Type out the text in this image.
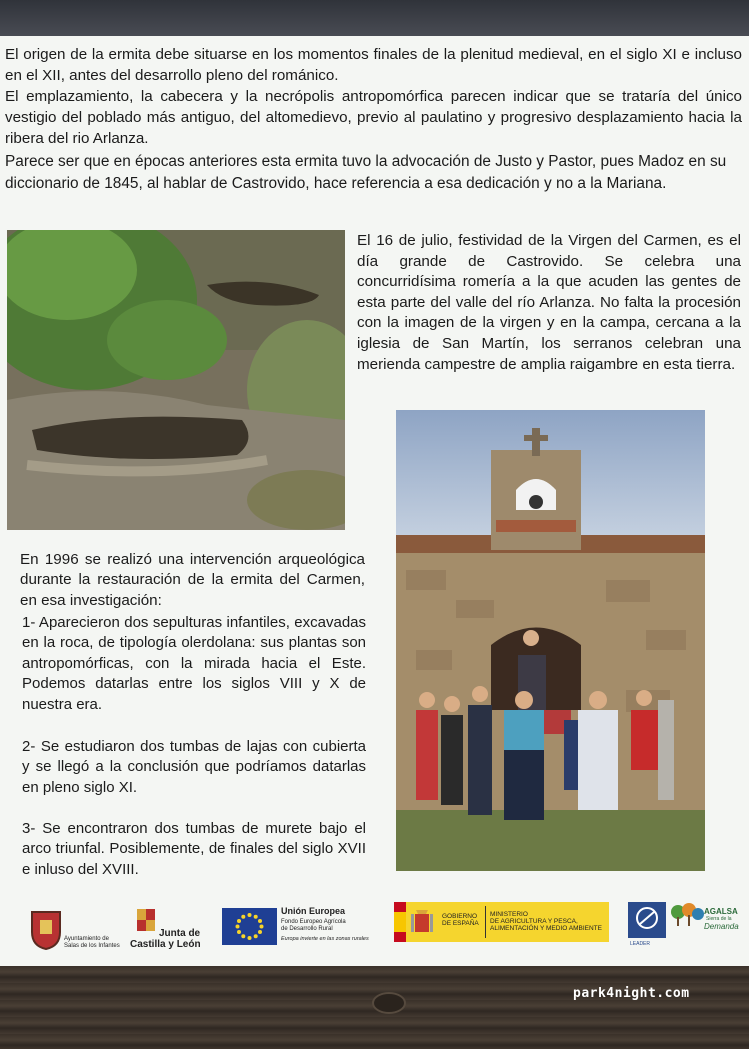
El origen de la ermita debe situarse en los momentos finales de la plenitud medieval, en el siglo XI e incluso en el XII, antes del desarrollo pleno del románico.

El emplazamiento, la cabecera y la necrópolis antropomórfica parecen indicar que se trataría del único vestigio del poblado más antiguo, del altomedievo, previo al paulatino y progresivo desplazamiento hacia la ribera del rio Arlanza.

Parece ser que en épocas anteriores esta ermita tuvo la advocación de Justo y Pastor, pues Madoz en su diccionario de 1845, al hablar de Castrovido, hace referencia a esa dedicación y no a la Mariana.

El 16 de julio, festividad de la Virgen del Carmen, es el día grande de Castrovido. Se celebra una concurridísima romería a la que acuden las gentes de esta parte del valle del río Arlanza. No falta la procesión con la imagen de la virgen y en la campa, cercana a la iglesia de San Martín, los serranos celebran una merienda campestre de amplia raigambre en esta tierra.

En 1996 se realizó una intervención arqueológica durante la restauración de la ermita del Carmen, en esa investigación:

1- Aparecieron dos sepulturas infantiles, excavadas en la roca, de tipología olerdolana: sus plantas son antropomórficas, con la mirada hacia el Este. Podemos datarlas entre los siglos VIII y X de nuestra era.

2- Se estudiaron dos tumbas de lajas con cubierta y se llegó a la conclusión que podríamos datarlas en pleno siglo XI.

3- Se encontraron dos tumbas de murete bajo el arco triunfal. Posiblemente, de finales del siglo XVII e inluso del XVIII.

Ayuntamiento de Salas de los Infantes
Junta de
Castilla y León
Unión Europea
Fondo Europeo Agrícola
de Desarrollo Rural
Europa invierte en las zonas rurales
GOBIERNO
DE ESPAÑA
MINISTERIO
DE AGRICULTURA Y PESCA,
ALIMENTACIÓN Y MEDIO AMBIENTE
LEADER
AGALSA
Sierra de la
Demanda
park4night.com
